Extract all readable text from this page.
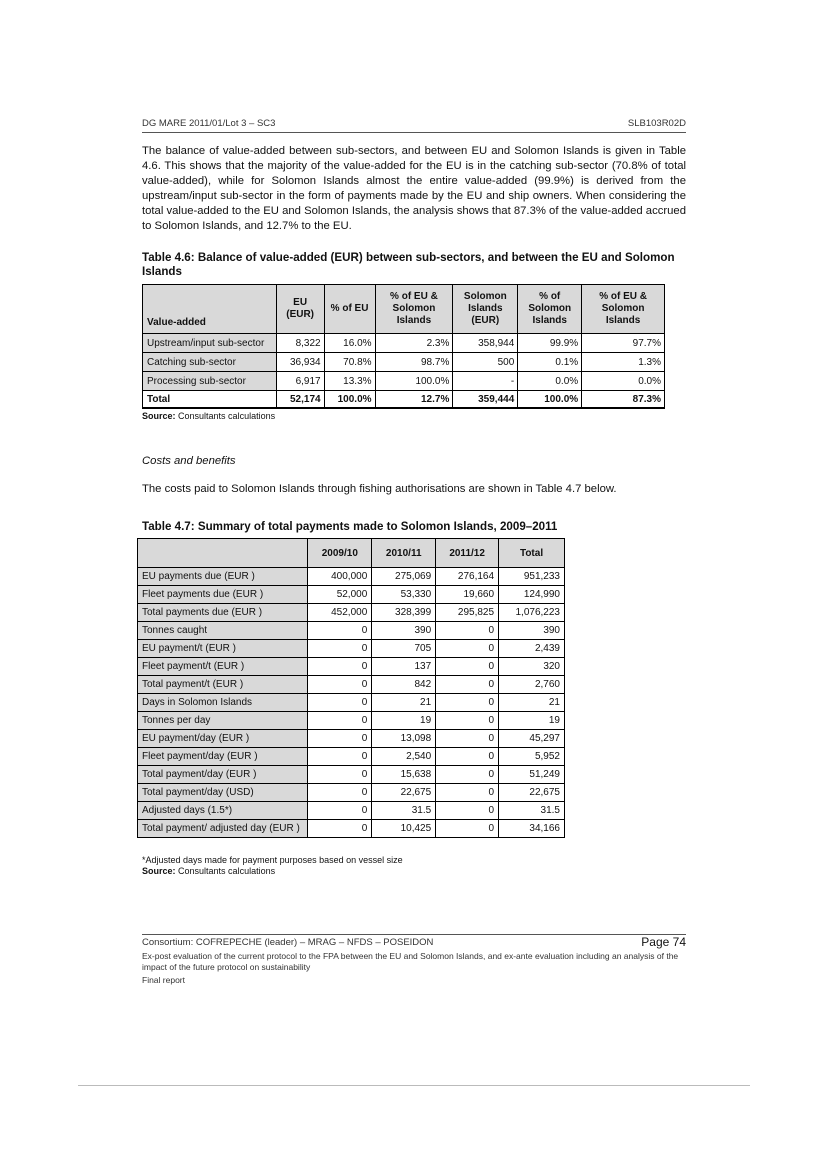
DG MARE 2011/01/Lot 3 – SC3	SLB103R02D
The balance of value-added between sub-sectors, and between EU and Solomon Islands is given in Table 4.6. This shows that the majority of the value-added for the EU is in the catching sub-sector (70.8% of total value-added), while for Solomon Islands almost the entire value-added (99.9%) is derived from the upstream/input sub-sector in the form of payments made by the EU and ship owners. When considering the total value-added to the EU and Solomon Islands, the analysis shows that 87.3% of the value-added accrued to Solomon Islands, and 12.7% to the EU.
Table 4.6: Balance of value-added (EUR) between sub-sectors, and between the EU and Solomon
Islands
Value-added	EU (EUR)	% of EU	% of EU & Solomon Islands	Solomon Islands (EUR)	% of Solomon Islands	% of EU & Solomon Islands
Upstream/input sub-sector	8,322	16.0%	2.3%	358,944	99.9%	97.7%
Catching sub-sector	36,934	70.8%	98.7%	500	0.1%	1.3%
Processing sub-sector	6,917	13.3%	100.0%	-	0.0%	0.0%
Total	52,174	100.0%	12.7%	359,444	100.0%	87.3%
Source: Consultants calculations
Costs and benefits
The costs paid to Solomon Islands through fishing authorisations are shown in Table 4.7 below.
Table 4.7: Summary of total payments made to Solomon Islands, 2009–2011
	2009/10	2010/11	2011/12	Total
EU payments due (EUR )	400,000	275,069	276,164	951,233
Fleet payments due (EUR )	52,000	53,330	19,660	124,990
Total payments due (EUR )	452,000	328,399	295,825	1,076,223
Tonnes caught	0	390	0	390
EU payment/t (EUR )	0	705	0	2,439
Fleet payment/t (EUR )	0	137	0	320
Total payment/t (EUR )	0	842	0	2,760
Days in Solomon Islands	0	21	0	21
Tonnes per day	0	19	0	19
EU payment/day (EUR )	0	13,098	0	45,297
Fleet payment/day (EUR )	0	2,540	0	5,952
Total payment/day (EUR )	0	15,638	0	51,249
Total payment/day (USD)	0	22,675	0	22,675
Adjusted days (1.5*)	0	31.5	0	31.5
Total payment/ adjusted day (EUR )	0	10,425	0	34,166
*Adjusted days made for payment purposes based on vessel size
Source: Consultants calculations
Consortium: COFREPECHE (leader) – MRAG – NFDS – POSEIDON	Page 74
Ex-post evaluation of the current protocol to the FPA between the EU and Solomon Islands, and ex-ante evaluation including an analysis of the impact of the future protocol on sustainability
Final report
